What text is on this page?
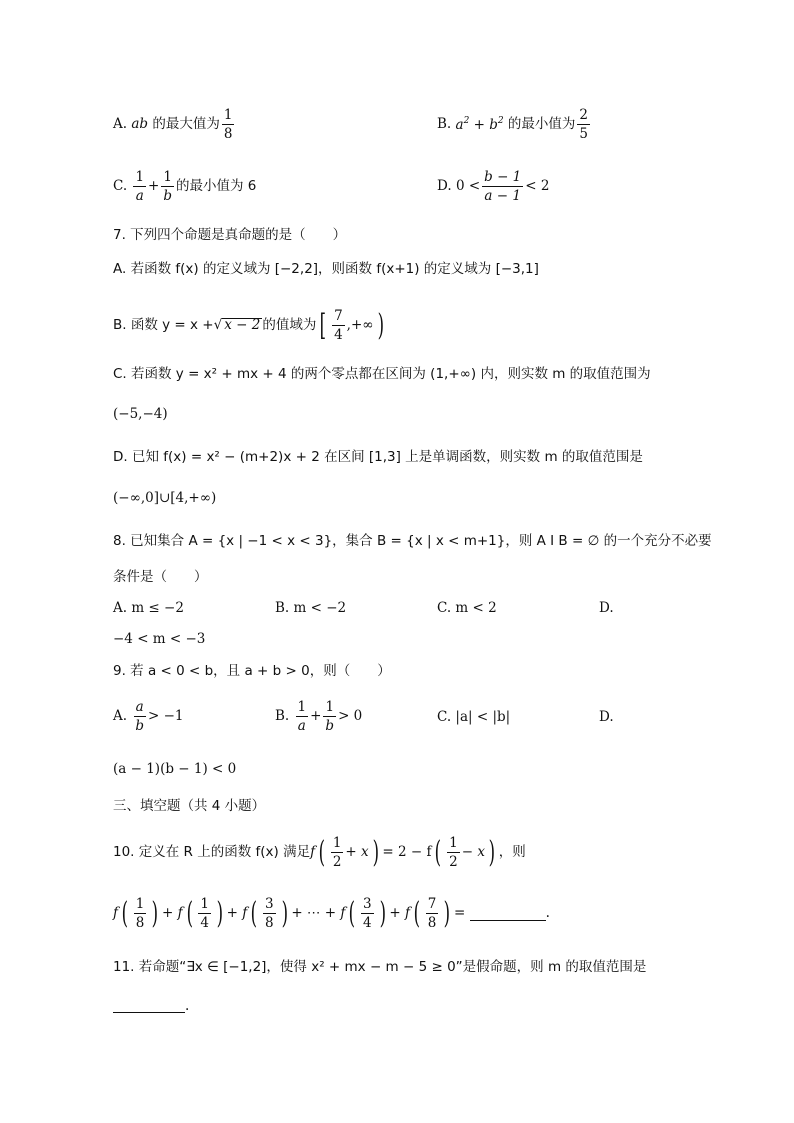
A.
ab
的最大值为 $\frac{1}{8}$	B.
$a^2 + b^2$
的最小值为 $\frac{2}{5}$
C.
$\frac{1}{a} + \frac{1}{b}$ 的最小值为 6	D.
$0 < \frac{b - 1}{a - 1} < 2$
7. 下列四个命题是真命题的是（　　）
A. 若函数 f(x) 的定义域为 [−2,2]，则函数 f(x+1) 的定义域为 [−3,1]
B. 函数 y = x + √ x − 2 的值域为 [ $\frac{7}{4}$ ,+∞ )
C. 若函数 y = x² + mx + 4 的两个零点都在区间为 (1,+∞) 内，则实数 m 的取值范围为
(−5,−4)
D. 已知 f(x) = x² − (m+2)x + 2 在区间 [1,3] 上是单调函数，则实数 m 的取值范围是
(−∞,0]∪[4,+∞)
8. 已知集合 A = {x | −1 < x < 3}，集合 B = {x | x < m+1}，则 A I B = ∅ 的一个充分不必要
条件是（　　）
A. m ≤ −2	B. m < −2	C. m < 2	D.
−4 < m < −3
9. 若 a < 0 < b，且 a + b > 0，则（　　）
A.
$\frac{a}{b} > -1$	B.
$\frac{1}{a} + \frac{1}{b} > 0$	C. |a| < |b|	D.
(a − 1)(b − 1) < 0
三、填空题（共 4 小题）
10. 定义在 R 上的函数 f(x) 满足 f ( $\frac{1}{2} + x$ ) = 2 − f ( $\frac{1}{2} - x$ ) ，则
f ( $\frac{1}{8}$ ) + f ( $\frac{1}{4}$ ) + f ( $\frac{3}{8}$ ) + ⋯ + f ( $\frac{3}{4}$ ) + f ( $\frac{7}{8}$ ) =
	.
11. 若命题“∃x ∈ [−1,2]，使得 x² + mx − m − 5 ≥ 0”是假命题，则 m 的取值范围是
.
